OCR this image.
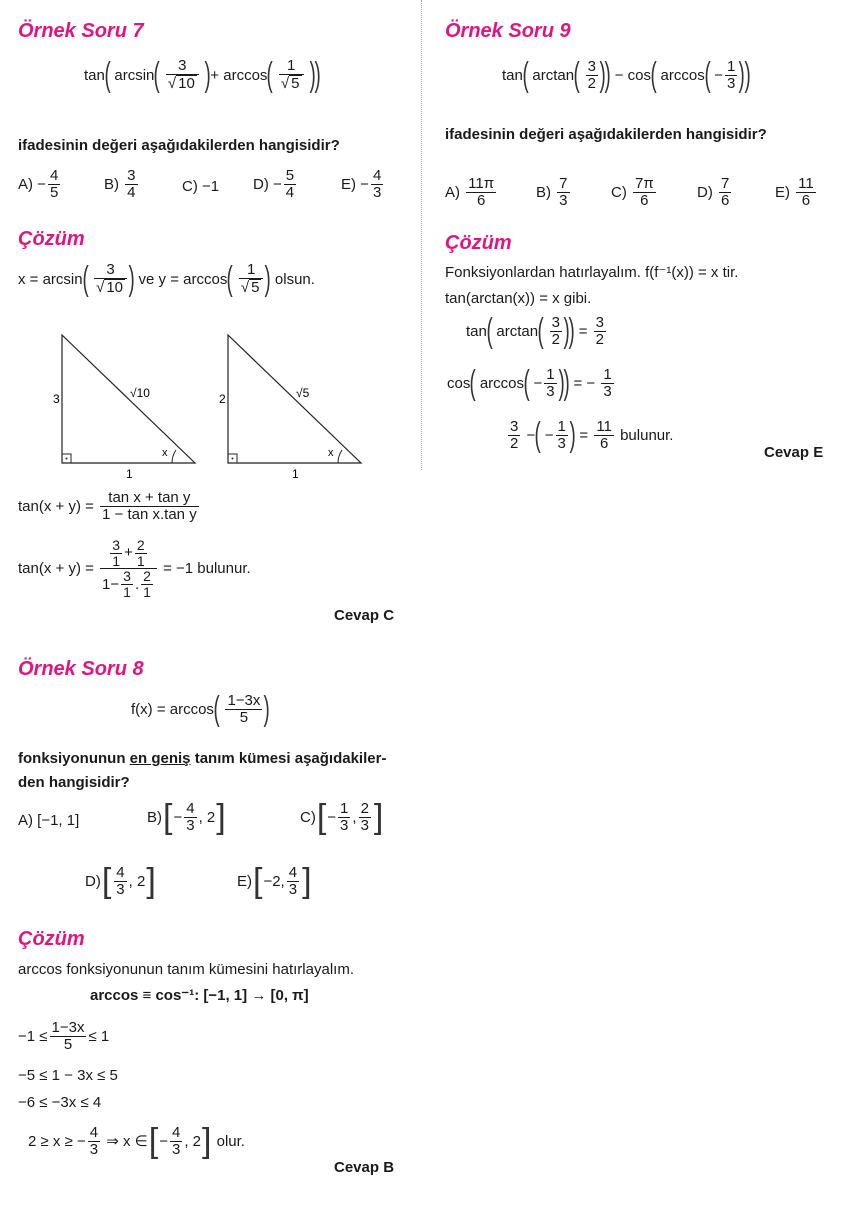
Örnek Soru 7
tan( $\arcsin( \frac{3}{√ 10}$ )+ $\arccos( \frac{1}{√ 5}$ ))
ifadesinin değeri aşağıdakilerden hangisidir?
$A) - \frac{4}{5}$	$B) \frac{3}{4}$	C) −1 $D) - \frac{5}{4}$	$E) - \frac{4}{3}$
Çözüm
$x = \arcsin( \frac{3}{√ 10}$ ) ve $y = \arccos( \frac{1}{√ 5}$ ) olsun.
3
1
√10
x
2
1
√5
x
$\tan(x + y) = \frac{\text{tan x + tan y}}{\text{1 − tan x.tan y}}$
$\tan(x + y) = \frac{\frac{3}{1} + \frac{2}{1}}{1- \frac{3}{1} . \frac{2}{1}} = -1$ bulunur.
Cevap C
Örnek Soru 8
$f(x) = \arccos( \frac{1-3x}{5}$ )
fonksiyonunun en geniş tanım kümesi aşağıdakiler-
den hangisidir?
A) [−1, 1]	$B)[- \frac{4}{3}$ , 2]	$C)[- \frac{1}{3}$ , $\frac{2}{3}$ ]
$D)[ \frac{4}{3}$ , 2]	E)[−2, $\frac{4}{3}$ ]
Çözüm
arccos fonksiyonunun tanım kümesini hatırlayalım.
arccos ≡ cos⁻¹: [−1, 1] → [0, π]
$-1 \le \frac{1-3x}{5} \le 1$
−5 ≤ 1 − 3x ≤ 5
−6 ≤ −3x ≤ 4
2 ≥ x ≥ − $\frac{4}{3}$ ⇒ x ∈[− $\frac{4}{3}$ , 2] olur.
Cevap B
Örnek Soru 9
tan( $\arctan( \frac{3}{2}$ )) − cos( $\arccos( - \frac{1}{3}$ ))
ifadesinin değeri aşağıdakilerden hangisidir?
$A) \frac{11\pi}{6}$	$B) \frac{7}{3}$	$C) \frac{7\pi}{6}$	$D) \frac{7}{6}$	$E) \frac{11}{6}$
Çözüm
Fonksiyonlardan hatırlayalım. f(f⁻¹(x)) = x tir.
tan(arctan(x)) = x gibi.
tan( $\arctan( \frac{3}{2}$ )) = $\frac{3}{2}$
cos( $\arccos( - \frac{1}{3}$ )) = − $\frac{1}{3}$
$\frac{3}{2}$ −( − $\frac{1}{3}$ ) = $\frac{11}{6}$ bulunur.
Cevap E
